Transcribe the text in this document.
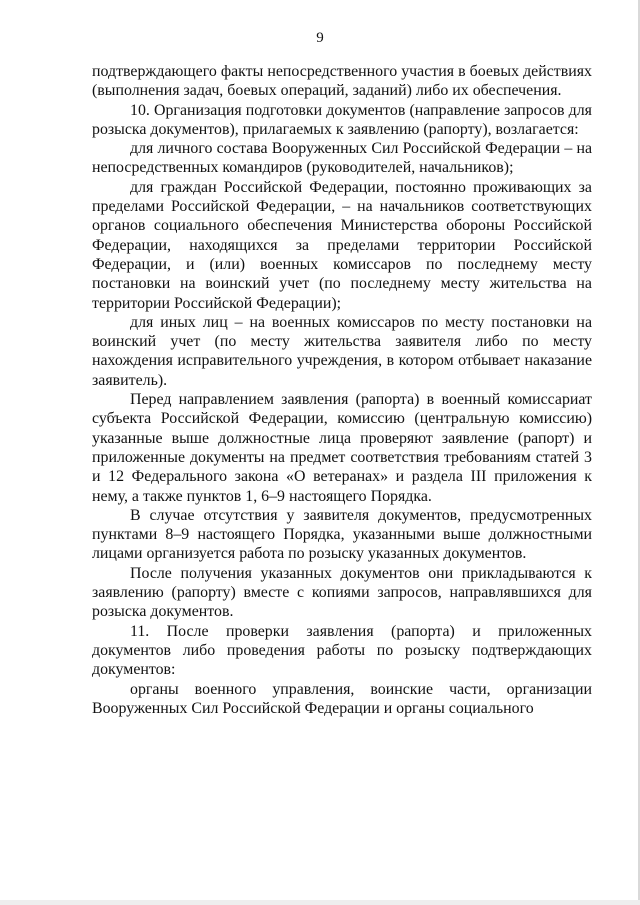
9

подтверждающего факты непосредственного участия в боевых действиях (выполнения задач, боевых операций, заданий) либо их обеспечения.

10. Организация подготовки документов (направление запросов для розыска документов), прилагаемых к заявлению (рапорту), возлагается:

для личного состава Вооруженных Сил Российской Федерации – на непосредственных командиров (руководителей, начальников);

для граждан Российской Федерации, постоянно проживающих за пределами Российской Федерации, – на начальников соответствующих органов социального обеспечения Министерства обороны Российской Федерации, находящихся за пределами территории Российской Федерации, и (или) военных комиссаров по последнему месту постановки на воинский учет (по последнему месту жительства на территории Российской Федерации);

для иных лиц – на военных комиссаров по месту постановки на воинский учет (по месту жительства заявителя либо по месту нахождения исправительного учреждения, в котором отбывает наказание заявитель).

Перед направлением заявления (рапорта) в военный комиссариат субъекта Российской Федерации, комиссию (центральную комиссию) указанные выше должностные лица проверяют заявление (рапорт) и приложенные документы на предмет соответствия требованиям статей 3 и 12 Федерального закона «О ветеранах» и раздела III приложения к нему, а также пунктов 1, 6–9 настоящего Порядка.

В случае отсутствия у заявителя документов, предусмотренных пунктами 8–9 настоящего Порядка, указанными выше должностными лицами организуется работа по розыску указанных документов.

После получения указанных документов они прикладываются к заявлению (рапорту) вместе с копиями запросов, направлявшихся для розыска документов.

11. После проверки заявления (рапорта) и приложенных документов либо проведения работы по розыску подтверждающих документов:

органы военного управления, воинские части, организации Вооруженных Сил Российской Федерации и органы социального
